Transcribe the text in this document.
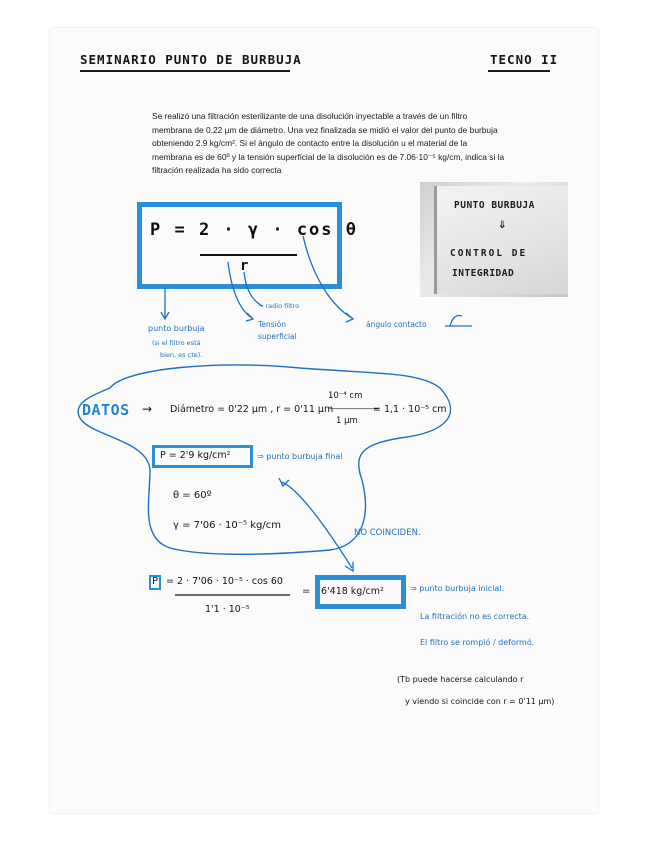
SEMINARIO PUNTO DE BURBUJA	TECNO II
Se realizó una filtración esterilizante de una disolución inyectable a través de un filtro
membrana de 0.22 µm de diámetro. Una vez finalizada se midió el valor del punto de burbuja
obteniendo 2.9 kg/cm². Si el ángulo de contacto entre la disolución u el material de la
membrana es de 60º y la tensión superficial de la disolución es de 7.06·10⁻⁵ kg/cm, indica si la
filtración realizada ha sido correcta
PUNTO BURBUJA
⇓
CONTROL DE
INTEGRIDAD
P = 2 · γ · cos θ
r
punto burbuja
(si el filtro está
bien, es cte).
→ radio filtro
Tensión
superficial
ángulo contacto
DATOS → Diámetro = 0'22 µm , r = 0'11 µm
10⁻⁴ cm
———————
1 µm
= 1,1 · 10⁻⁵ cm
P = 2'9 kg/cm²	⇒ punto burbuja final
θ = 60º
γ = 7'06 · 10⁻⁵ kg/cm
NO COINCIDEN.
P = 2 · 7'06 · 10⁻⁵ · cos 60
1'1 · 10⁻⁵
= 6'418 kg/cm²	⇒ punto burbuja inicial.
La filtración no es correcta.
El filtro se rompió / deformó.
(Tb puede hacerse calculando r
y viendo si coincide con r = 0'11 µm)
